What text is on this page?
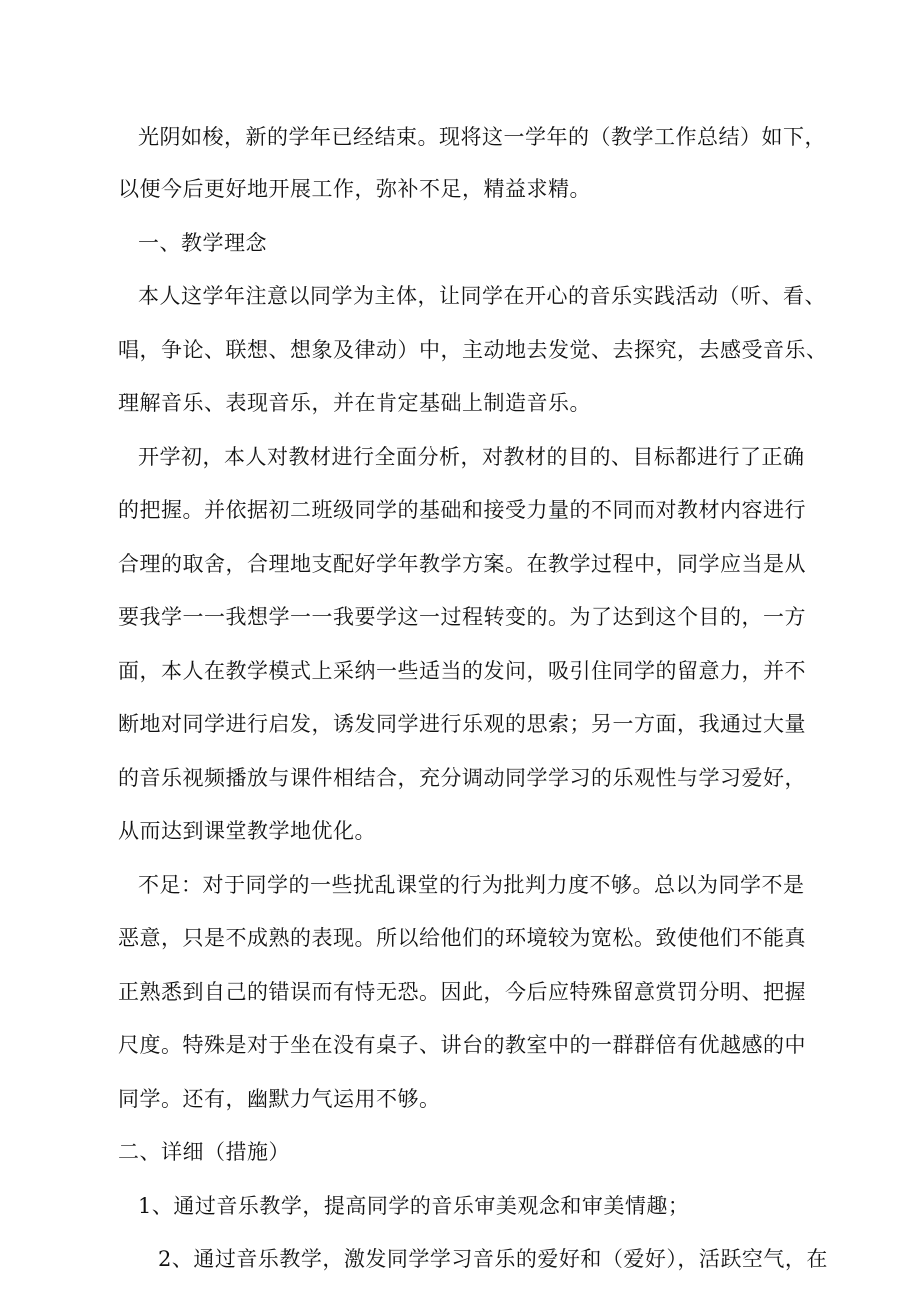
光阴如梭，新的学年已经结束。现将这一学年的（教学工作总结）如下，
以便今后更好地开展工作，弥补不足，精益求精。
一、教学理念
本人这学年注意以同学为主体，让同学在开心的音乐实践活动（听、看、
唱，争论、联想、想象及律动）中，主动地去发觉、去探究，去感受音乐、
理解音乐、表现音乐，并在肯定基础上制造音乐。
开学初，本人对教材进行全面分析，对教材的目的、目标都进行了正确
的把握。并依据初二班级同学的基础和接受力量的不同而对教材内容进行
合理的取舍，合理地支配好学年教学方案。在教学过程中，同学应当是从
要我学一一我想学一一我要学这一过程转变的。为了达到这个目的，一方
面，本人在教学模式上采纳一些适当的发问，吸引住同学的留意力，并不
断地对同学进行启发，诱发同学进行乐观的思索；另一方面，我通过大量
的音乐视频播放与课件相结合，充分调动同学学习的乐观性与学习爱好，
从而达到课堂教学地优化。
不足：对于同学的一些扰乱课堂的行为批判力度不够。总以为同学不是
恶意，只是不成熟的表现。所以给他们的环境较为宽松。致使他们不能真
正熟悉到自己的错误而有恃无恐。因此，今后应特殊留意赏罚分明、把握
尺度。特殊是对于坐在没有桌子、讲台的教室中的一群群倍有优越感的中
同学。还有，幽默力气运用不够。
二、详细（措施）
1、通过音乐教学，提高同学的音乐审美观念和审美情趣；
2、通过音乐教学，激发同学学习音乐的爱好和（爱好），活跃空气，在
